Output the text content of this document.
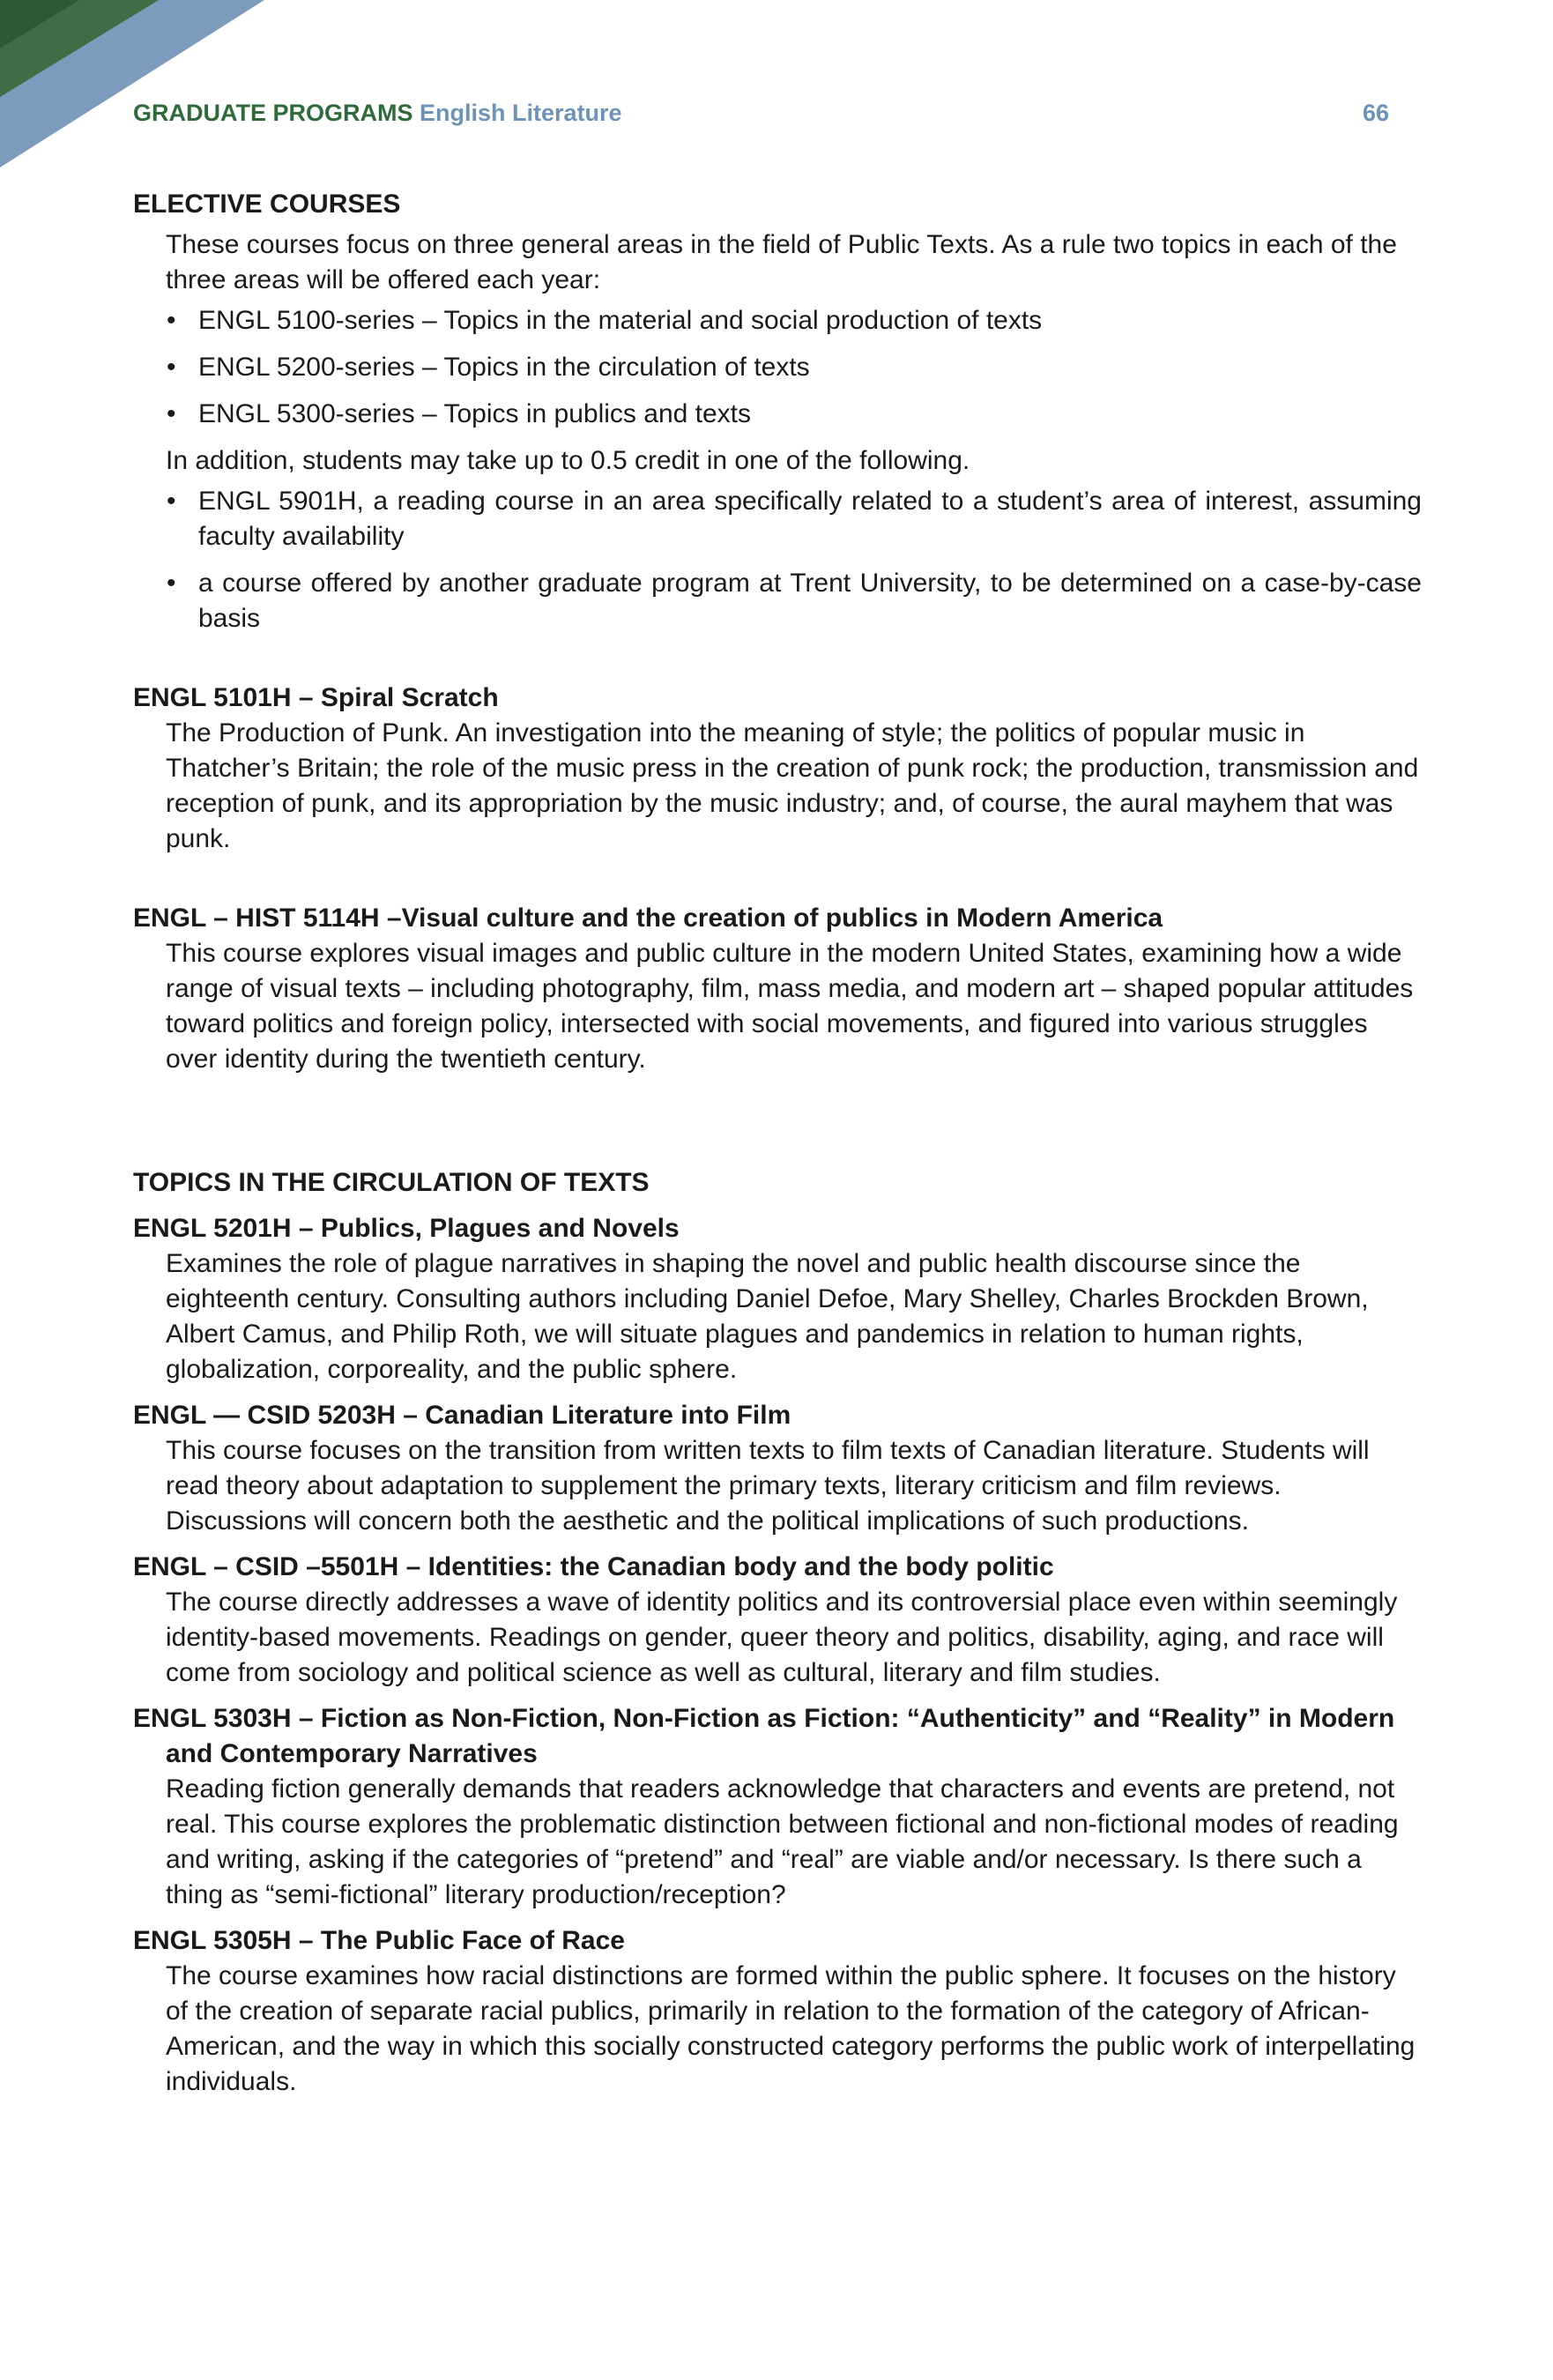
GRADUATE PROGRAMS English Literature	66
ELECTIVE COURSES
These courses focus on three general areas in the field of Public Texts. As a rule two topics in each of the three areas will be offered each year:
• ENGL 5100-series – Topics in the material and social production of texts
• ENGL 5200-series – Topics in the circulation of texts
• ENGL 5300-series – Topics in publics and texts
In addition, students may take up to 0.5 credit in one of the following.
• ENGL 5901H, a reading course in an area specifically related to a student’s area of interest, assuming faculty availability
• a course offered by another graduate program at Trent University, to be determined on a case-by-case basis
ENGL 5101H – Spiral Scratch
The Production of Punk. An investigation into the meaning of style; the politics of popular music in Thatcher’s Britain; the role of the music press in the creation of punk rock; the production, transmission and reception of punk, and its appropriation by the music industry; and, of course, the aural mayhem that was punk.
ENGL – HIST 5114H –Visual culture and the creation of publics in Modern America
This course explores visual images and public culture in the modern United States, examining how a wide range of visual texts – including photography, film, mass media, and modern art – shaped popular attitudes toward politics and foreign policy, intersected with social movements, and figured into various struggles over identity during the twentieth century.
TOPICS IN THE CIRCULATION OF TEXTS
ENGL 5201H – Publics, Plagues and Novels
Examines the role of plague narratives in shaping the novel and public health discourse since the eighteenth century. Consulting authors including Daniel Defoe, Mary Shelley, Charles Brockden Brown, Albert Camus, and Philip Roth, we will situate plagues and pandemics in relation to human rights, globalization, corporeality, and the public sphere.
ENGL — CSID 5203H – Canadian Literature into Film
This course focuses on the transition from written texts to film texts of Canadian literature. Students will read theory about adaptation to supplement the primary texts, literary criticism and film reviews. Discussions will concern both the aesthetic and the political implications of such productions.
ENGL – CSID –5501H – Identities: the Canadian body and the body politic
The course directly addresses a wave of identity politics and its controversial place even within seemingly identity-based movements. Readings on gender, queer theory and politics, disability, aging, and race will come from sociology and political science as well as cultural, literary and film studies.
ENGL 5303H – Fiction as Non-Fiction, Non-Fiction as Fiction: “Authenticity” and “Reality” in Modern and Contemporary Narratives
Reading fiction generally demands that readers acknowledge that characters and events are pretend, not real. This course explores the problematic distinction between fictional and non-fictional modes of reading and writing, asking if the categories of “pretend” and “real” are viable and/or necessary. Is there such a thing as “semi-fictional” literary production/reception?
ENGL 5305H – The Public Face of Race
The course examines how racial distinctions are formed within the public sphere. It focuses on the history of the creation of separate racial publics, primarily in relation to the formation of the category of African-American, and the way in which this socially constructed category performs the public work of interpellating individuals.
